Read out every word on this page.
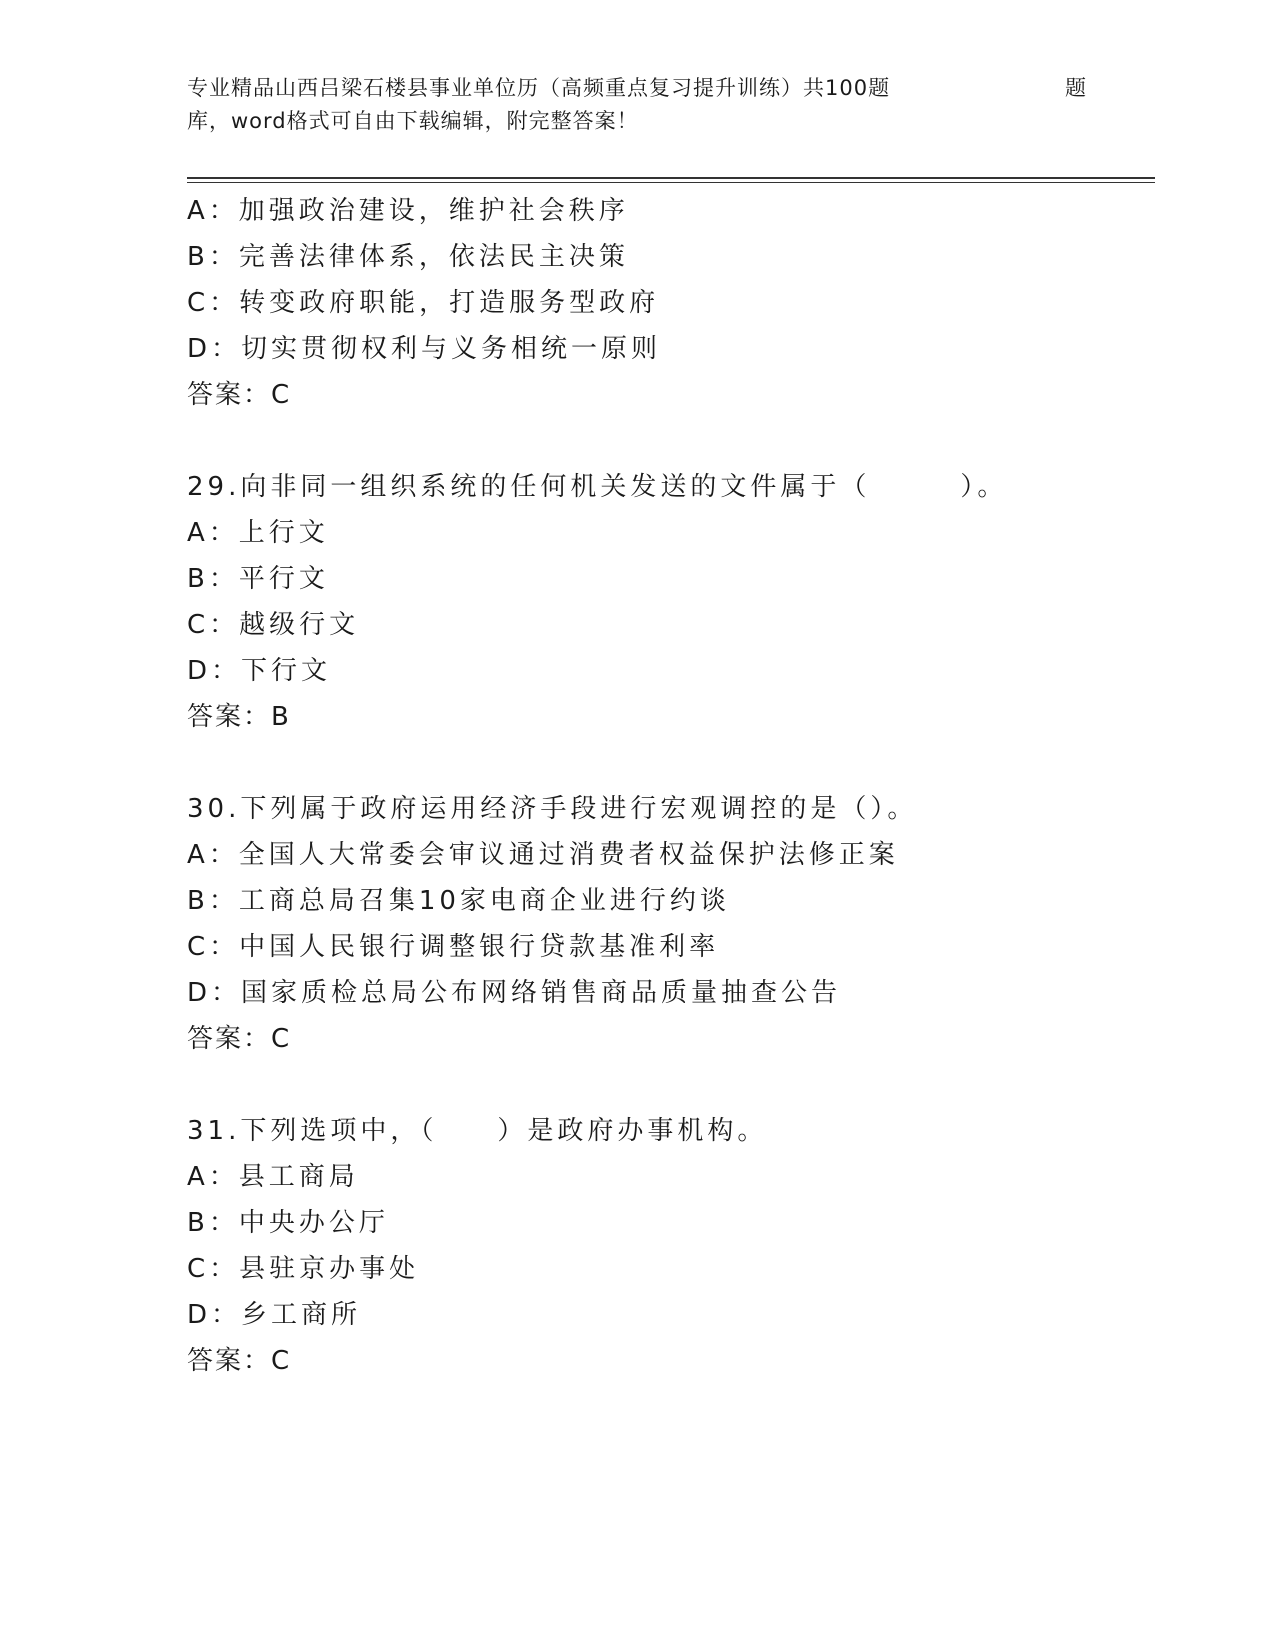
专业精品山西吕梁石楼县事业单位历（高频重点复习提升训练）共100题	题
库，word格式可自由下载编辑，附完整答案！
A：加强政治建设，维护社会秩序
B：完善法律体系，依法民主决策
C：转变政府职能，打造服务型政府
D：切实贯彻权利与义务相统一原则
答案：C
29.向非同一组织系统的任何机关发送的文件属于（　　　）。
A：上行文
B：平行文
C：越级行文
D：下行文
答案：B
30.下列属于政府运用经济手段进行宏观调控的是（）。
A：全国人大常委会审议通过消费者权益保护法修正案
B：工商总局召集10家电商企业进行约谈
C：中国人民银行调整银行贷款基准利率
D：国家质检总局公布网络销售商品质量抽查公告
答案：C
31.下列选项中，（　　）是政府办事机构。
A：县工商局
B：中央办公厅
C：县驻京办事处
D：乡工商所
答案：C
